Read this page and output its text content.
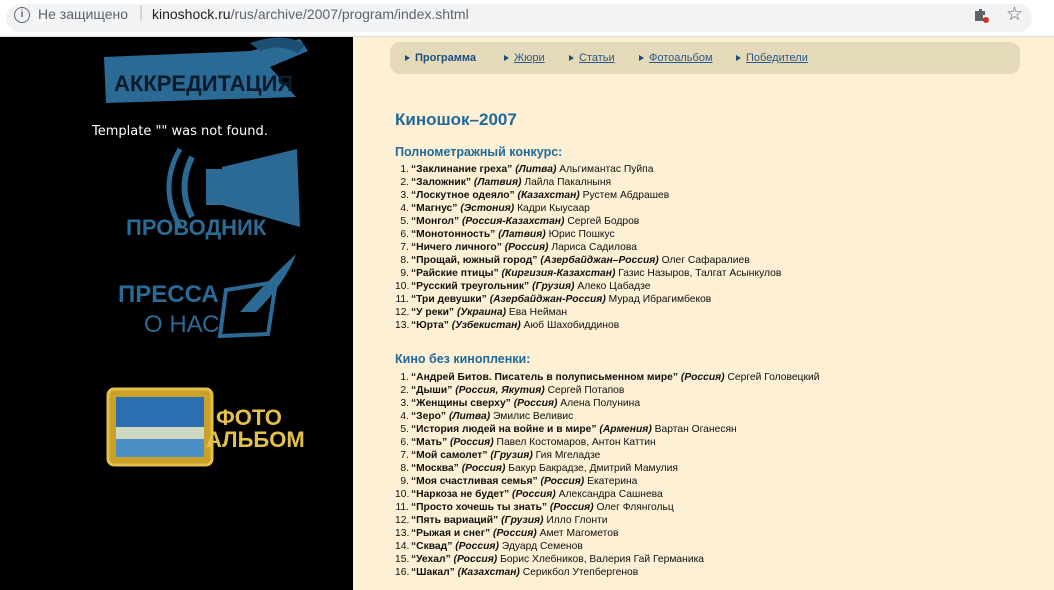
i	Не защищено | kinoshock.ru/rus/archive/2007/program/index.shtml	☆
АККРЕДИТАЦИЯ
Template "" was not found.
ПРОВОДНИК
ПРЕССА
О НАС
ФОТО
АЛЬБОМ
Программа	Жюри	Статьи	Фотоальбом	Победители
Киношок–2007
Полнометражный конкурс:
1. “Заклинание греха” (Литва) Альгимантас Пуйпа
2. “Заложник” (Латвия) Лайла Пакалныня
3. “Лоскутное одеяло” (Казахстан) Рустем Абдрашев
4. “Магнус” (Эстония) Кадри Кыусаар
5. “Монгол” (Россия-Казахстан) Сергей Бодров
6. “Монотонность” (Латвия) Юрис Пошкус
7. “Ничего личного” (Россия) Лариса Садилова
8. “Прощай, южный город” (Азербайджан–Россия) Олег Сафаралиев
9. “Райские птицы” (Киргизия-Казахстан) Газис Назыров, Талгат Асынкулов
10. “Русский треугольник” (Грузия) Алеко Цабадзе
11. “Три девушки” (Азербайджан-Россия) Мурад Ибрагимбеков
12. “У реки” (Украина) Ева Нейман
13. “Юрта” (Узбекистан) Аюб Шахобиддинов
Кино без кинопленки:
1. “Андрей Битов. Писатель в полуписьменном мире” (Россия) Сергей Головецкий
2. “Дыши” (Россия, Якутия) Сергей Потапов
3. “Женщины сверху” (Россия) Алена Полунина
4. “Зеро” (Литва) Эмилис Веливис
5. “История людей на войне и в мире” (Армения) Вартан Оганесян
6. “Мать” (Россия) Павел Костомаров, Антон Каттин
7. “Мой самолет” (Грузия) Гия Мгеладзе
8. “Москва” (Россия) Бакур Бакрадзе, Дмитрий Мамулия
9. “Моя счастливая семья” (Россия) Екатерина
10. “Наркоза не будет” (Россия) Александра Сашнева
11. “Просто хочешь ты знать” (Россия) Олег Флянгольц
12. “Пять вариаций” (Грузия) Илло Глонти
13. “Рыжая и снег” (Россия) Амет Магометов
14. “Сквад” (Россия) Эдуард Семенов
15. “Уехал” (Россия) Борис Хлебников, Валерия Гай Германика
16. “Шакал” (Казахстан) Серикбол Утепбергенов
